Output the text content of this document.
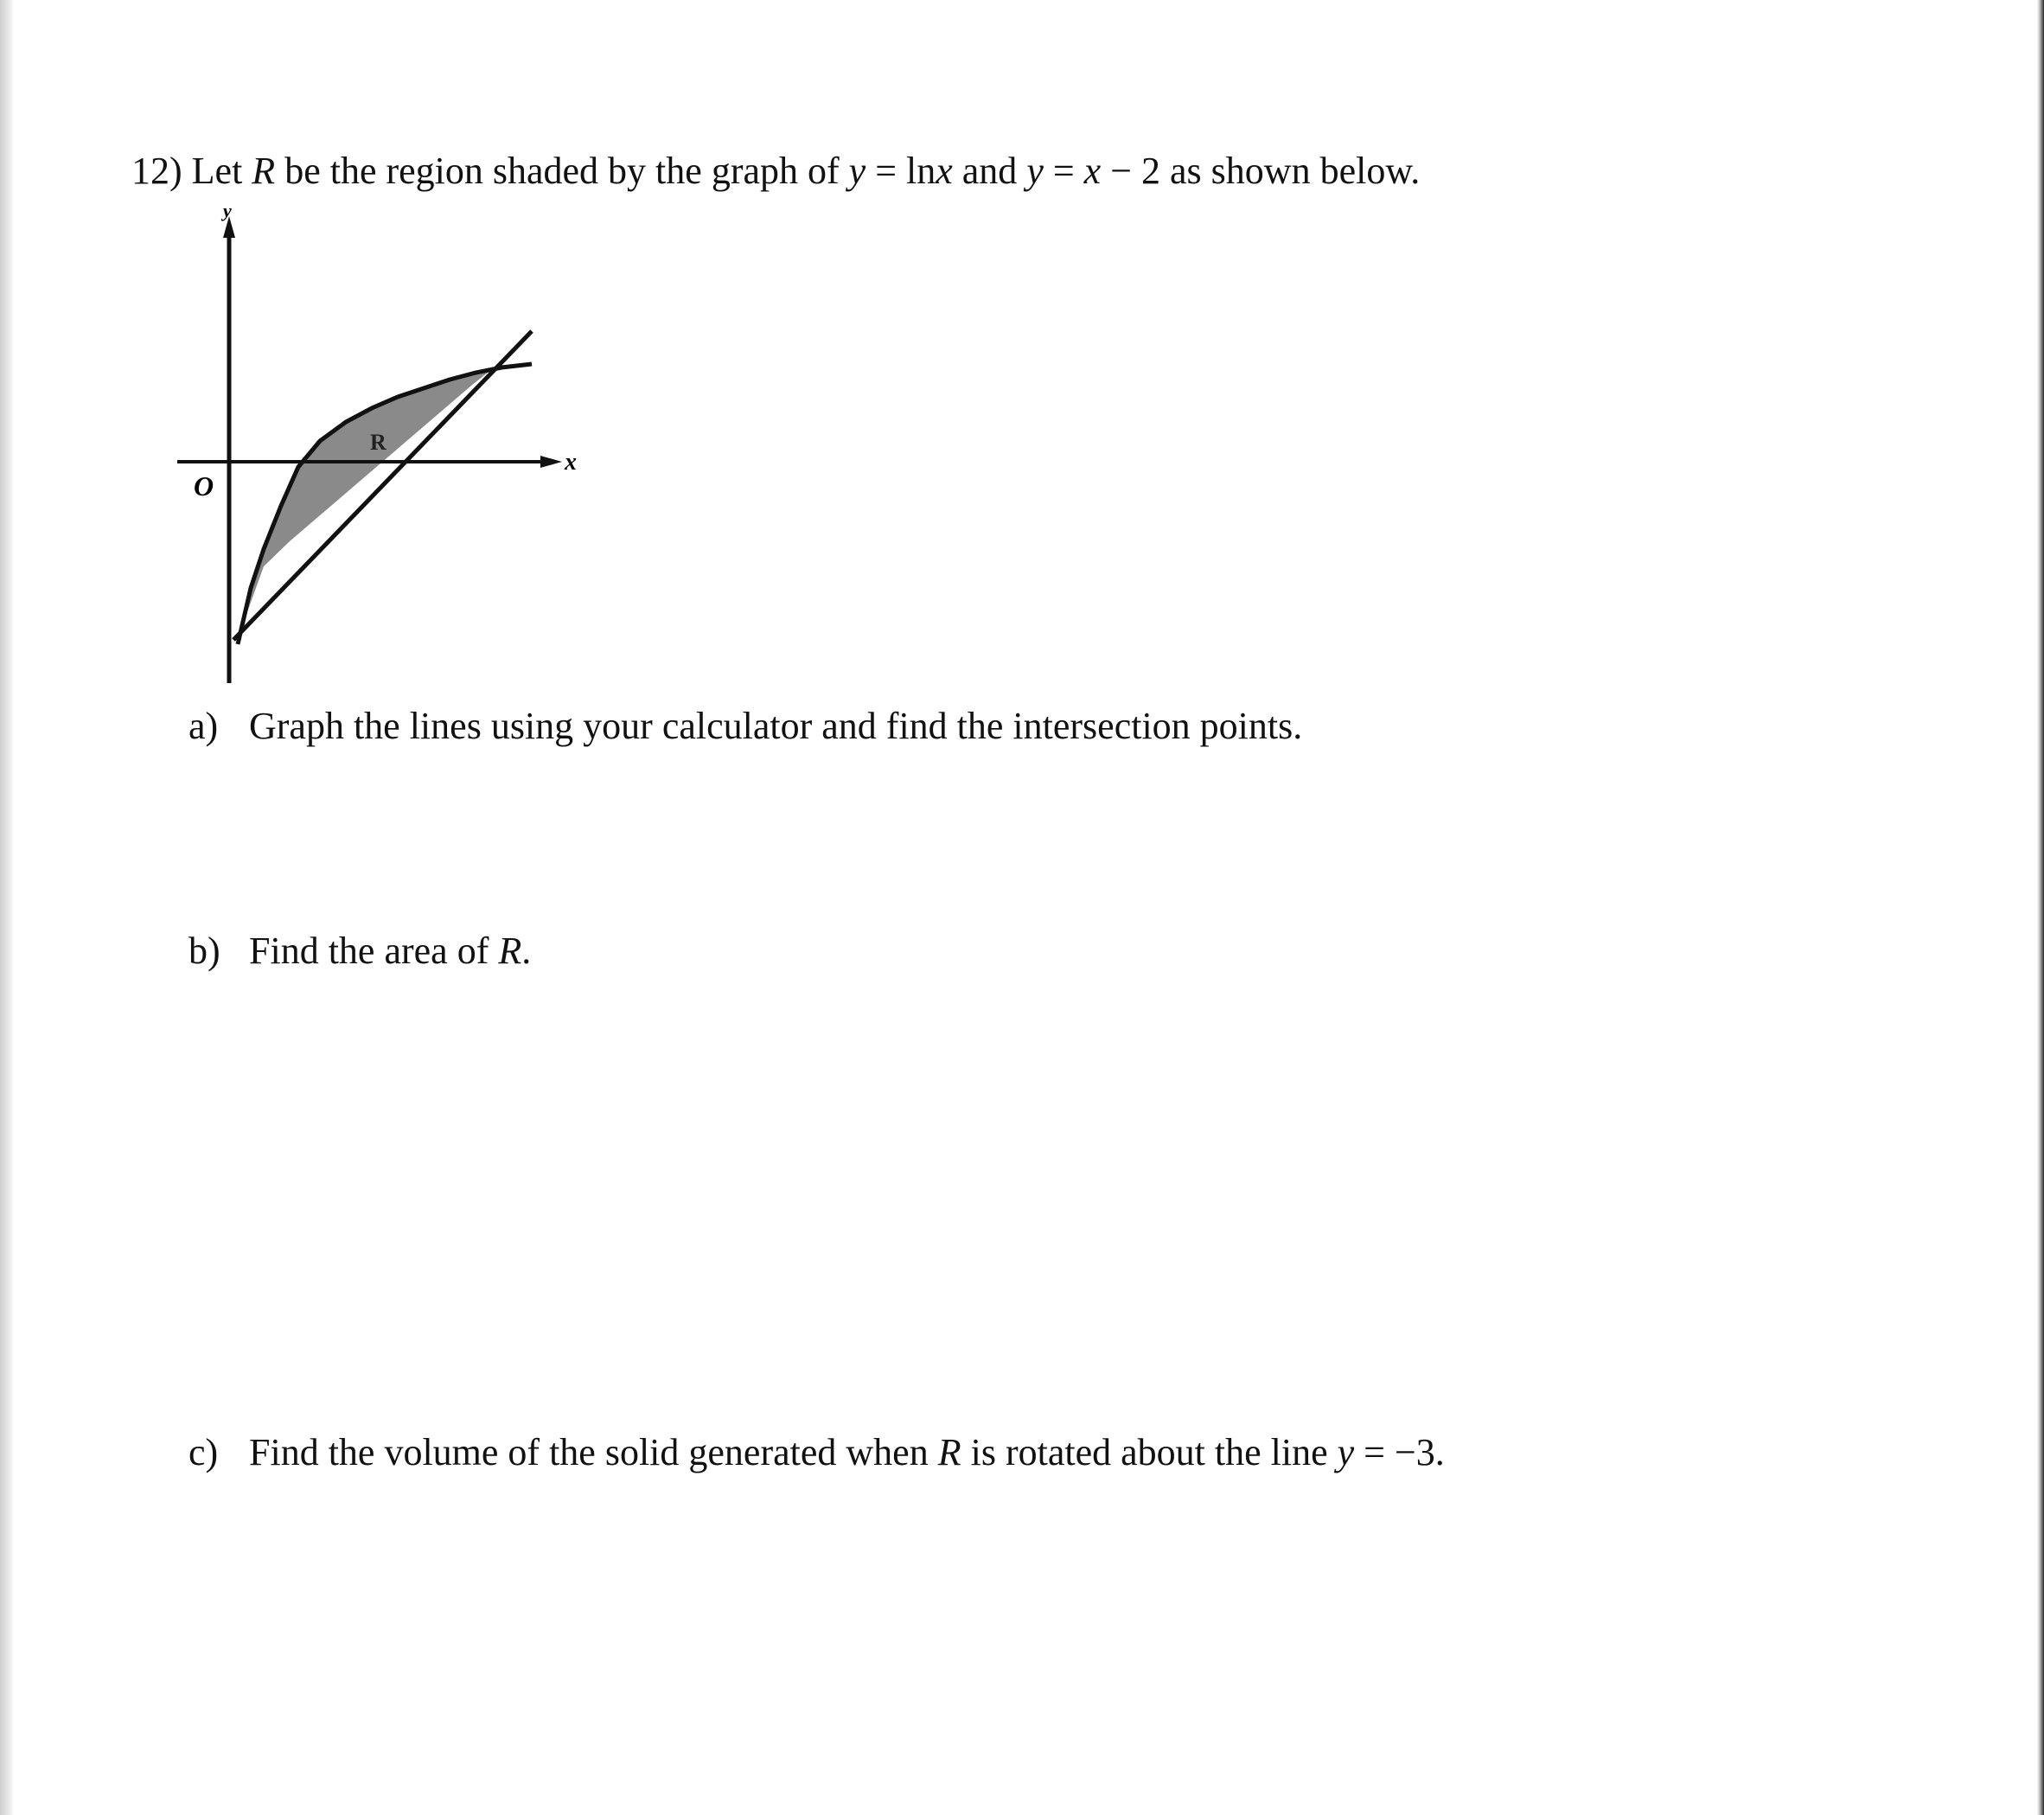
12) Let R be the region shaded by the graph of y = lnx and y = x − 2 as shown below.
y
x
O
R
a) Graph the lines using your calculator and find the intersection points.
b) Find the area of R.
c) Find the volume of the solid generated when R is rotated about the line y = −3.
